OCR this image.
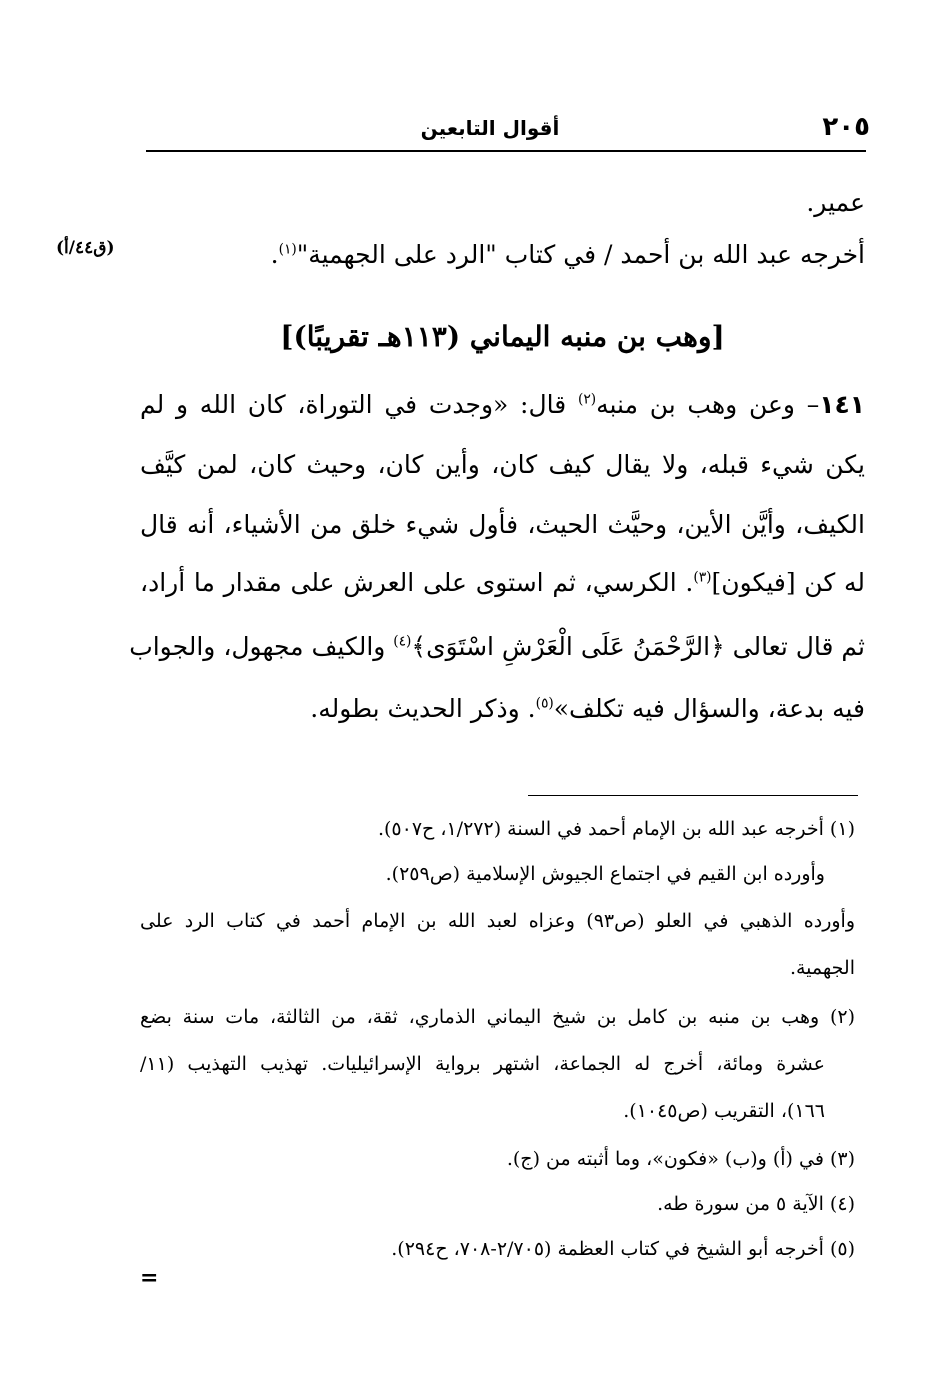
٢٠٥
أقوال التابعين
عمير.
أخرجه عبد الله بن أحمد / في كتاب "الرد على الجهمية"$^{(١)}$.
(ق٤٤/أ)
[وهب بن منبه اليماني (١١٣هـ تقريبًا)]
١٤١– وعن وهب بن منبه$^{(٢)}$ قال: «وجدت في التوراة، كان الله و لم
يكن شيء قبله، ولا يقال كيف كان، وأين كان، وحيث كان، لمن كيَّف
الكيف، وأيَّن الأين، وحيَّث الحيث، فأول شيء خلق من الأشياء، أنه قال
له كن [فيكون]$^{(٣)}$. الكرسي، ثم استوى على العرش على مقدار ما أراد،
ثم قال تعالى ﴿الرَّحْمَنُ عَلَى الْعَرْشِ اسْتَوَى﴾$^{(٤)}$ والكيف مجهول، والجواب
فيه بدعة، والسؤال فيه تكلف»$^{(٥)}$. وذكر الحديث بطوله.
(١) أخرجه عبد الله بن الإمام أحمد في السنة (١/٢٧٢، ح٥٠٧).
وأورده ابن القيم في اجتماع الجيوش الإسلامية (ص٢٥٩).
وأورده الذهبي في العلو (ص٩٣) وعزاه لعبد الله بن الإمام أحمد في كتاب الرد على
الجهمية.
(٢) وهب بن منبه بن كامل بن شيخ اليماني الذماري، ثقة، من الثالثة، مات سنة بضع
عشرة ومائة، أخرج له الجماعة، اشتهر برواية الإسرائيليات. تهذيب التهذيب (١١/
١٦٦)، التقريب (ص١٠٤٥).
(٣) في (أ) و(ب) «فكون»، وما أثبته من (ج).
(٤) الآية ٥ من سورة طه.
(٥) أخرجه أبو الشيخ في كتاب العظمة (٢/٧٠٥-٧٠٨، ح٢٩٤).
=
